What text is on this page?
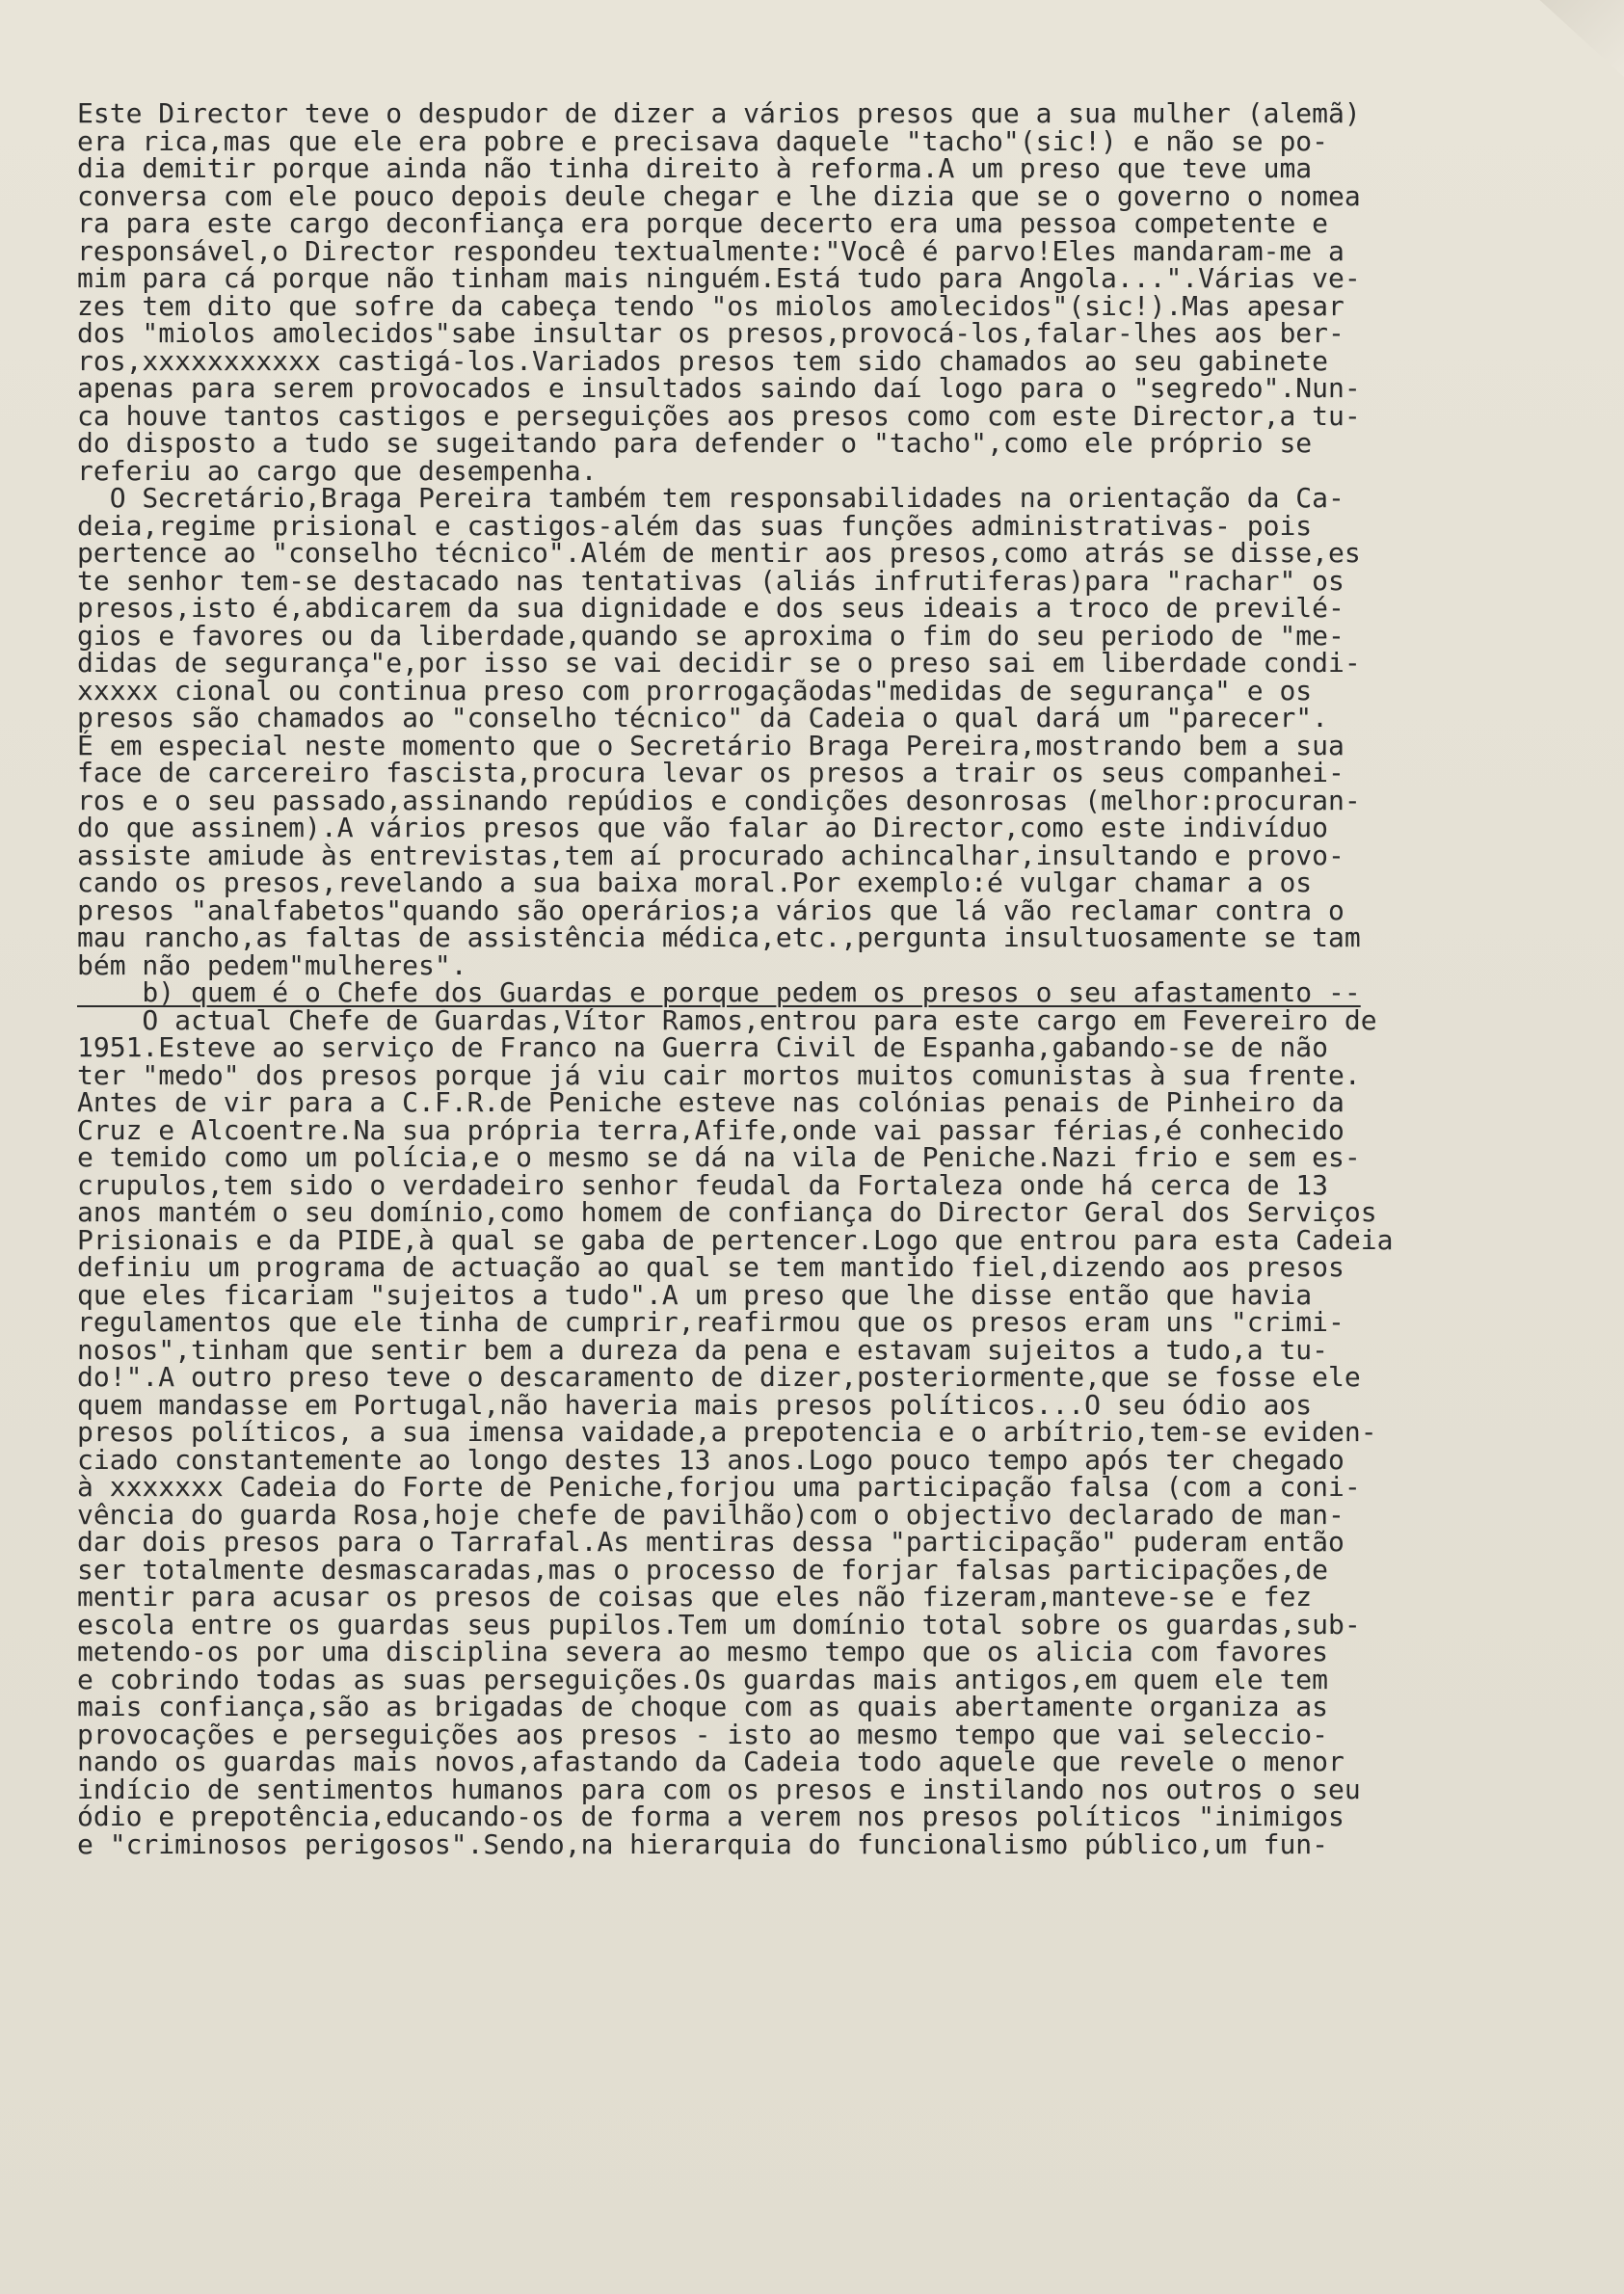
Este Director teve o despudor de dizer a vários presos que a sua mulher (alemã)
era rica,mas que ele era pobre e precisava daquele "tacho"(sic!) e não se po-
dia demitir porque ainda não tinha direito à reforma.A um preso que teve uma
conversa com ele pouco depois deule chegar e lhe dizia que se o governo o nomea
ra para este cargo deconfiança era porque decerto era uma pessoa competente e
responsável,o Director respondeu textualmente:"Você é parvo!Eles mandaram-me a
mim para cá porque não tinham mais ninguém.Está tudo para Angola...".Várias ve-
zes tem dito que sofre da cabeça tendo "os miolos amolecidos"(sic!).Mas apesar
dos "miolos amolecidos"sabe insultar os presos,provocá-los,falar-lhes aos ber-
ros,xxxxxxxxxxx castigá-los.Variados presos tem sido chamados ao seu gabinete
apenas para serem provocados e insultados saindo daí logo para o "segredo".Nun-
ca houve tantos castigos e perseguições aos presos como com este Director,a tu-
do disposto a tudo se sugeitando para defender o "tacho",como ele próprio se
referiu ao cargo que desempenha.
O Secretário,Braga Pereira também tem responsabilidades na orientação da Ca-
deia,regime prisional e castigos-além das suas funções administrativas- pois
pertence ao "conselho técnico".Além de mentir aos presos,como atrás se disse,es
te senhor tem-se destacado nas tentativas (aliás infrutiferas)para "rachar" os
presos,isto é,abdicarem da sua dignidade e dos seus ideais a troco de previlé-
gios e favores ou da liberdade,quando se aproxima o fim do seu periodo de "me-
didas de segurança"e,por isso se vai decidir se o preso sai em liberdade condi-
xxxxx cional ou continua preso com prorrogaçãodas"medidas de segurança" e os
presos são chamados ao "conselho técnico" da Cadeia o qual dará um "parecer".
É em especial neste momento que o Secretário Braga Pereira,mostrando bem a sua
face de carcereiro fascista,procura levar os presos a trair os seus companhei-
ros e o seu passado,assinando repúdios e condições desonrosas (melhor:procuran-
do que assinem).A vários presos que vão falar ao Director,como este indivíduo
assiste amiude às entrevistas,tem aí procurado achincalhar,insultando e provo-
cando os presos,revelando a sua baixa moral.Por exemplo:é vulgar chamar a os
presos "analfabetos"quando são operários;a vários que lá vão reclamar contra o
mau rancho,as faltas de assistência médica,etc.,pergunta insultuosamente se tam
bém não pedem"mulheres".
b) quem é o Chefe dos Guardas e porque pedem os presos o seu afastamento --
O actual Chefe de Guardas,Vítor Ramos,entrou para este cargo em Fevereiro de
1951.Esteve ao serviço de Franco na Guerra Civil de Espanha,gabando-se de não
ter "medo" dos presos porque já viu cair mortos muitos comunistas à sua frente.
Antes de vir para a C.F.R.de Peniche esteve nas colónias penais de Pinheiro da
Cruz e Alcoentre.Na sua própria terra,Afife,onde vai passar férias,é conhecido
e temido como um polícia,e o mesmo se dá na vila de Peniche.Nazi frio e sem es-
crupulos,tem sido o verdadeiro senhor feudal da Fortaleza onde há cerca de 13
anos mantém o seu domínio,como homem de confiança do Director Geral dos Serviços
Prisionais e da PIDE,à qual se gaba de pertencer.Logo que entrou para esta Cadeia
definiu um programa de actuação ao qual se tem mantido fiel,dizendo aos presos
que eles ficariam "sujeitos a tudo".A um preso que lhe disse então que havia
regulamentos que ele tinha de cumprir,reafirmou que os presos eram uns "crimi-
nosos",tinham que sentir bem a dureza da pena e estavam sujeitos a tudo,a tu-
do!".A outro preso teve o descaramento de dizer,posteriormente,que se fosse ele
quem mandasse em Portugal,não haveria mais presos políticos...O seu ódio aos
presos políticos, a sua imensa vaidade,a prepotencia e o arbítrio,tem-se eviden-
ciado constantemente ao longo destes 13 anos.Logo pouco tempo após ter chegado
à xxxxxxx Cadeia do Forte de Peniche,forjou uma participação falsa (com a coni-
vência do guarda Rosa,hoje chefe de pavilhão)com o objectivo declarado de man-
dar dois presos para o Tarrafal.As mentiras dessa "participação" puderam então
ser totalmente desmascaradas,mas o processo de forjar falsas participações,de
mentir para acusar os presos de coisas que eles não fizeram,manteve-se e fez
escola entre os guardas seus pupilos.Tem um domínio total sobre os guardas,sub-
metendo-os por uma disciplina severa ao mesmo tempo que os alicia com favores
e cobrindo todas as suas perseguições.Os guardas mais antigos,em quem ele tem
mais confiança,são as brigadas de choque com as quais abertamente organiza as
provocações e perseguições aos presos - isto ao mesmo tempo que vai seleccio-
nando os guardas mais novos,afastando da Cadeia todo aquele que revele o menor
indício de sentimentos humanos para com os presos e instilando nos outros o seu
ódio e prepotência,educando-os de forma a verem nos presos políticos "inimigos
e "criminosos perigosos".Sendo,na hierarquia do funcionalismo público,um fun-
